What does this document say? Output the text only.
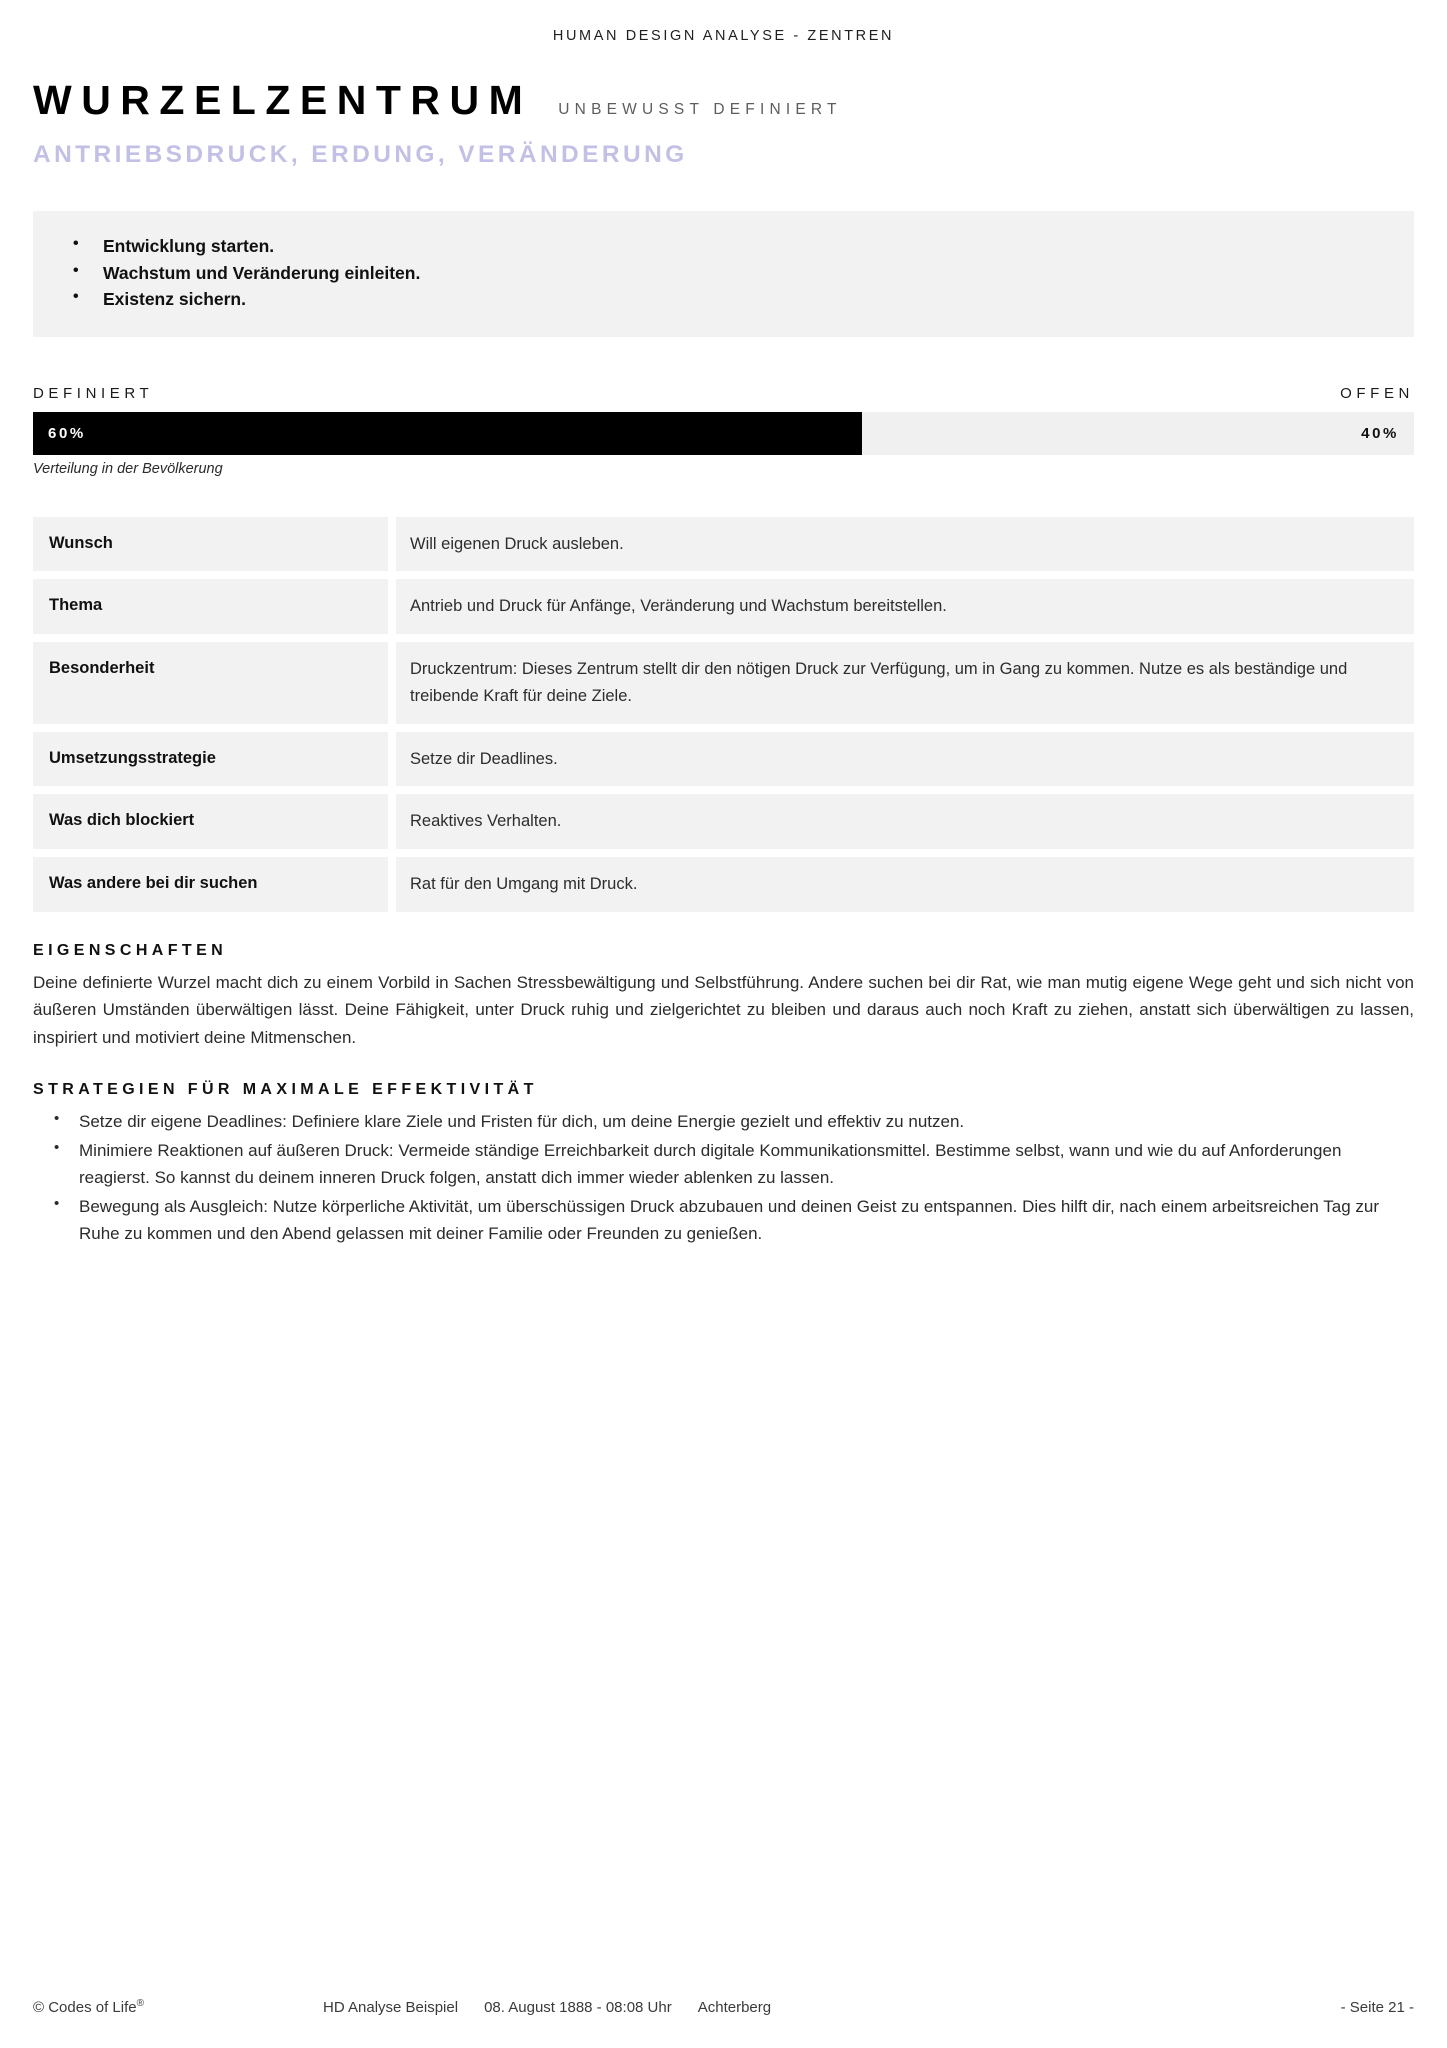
HUMAN DESIGN ANALYSE - ZENTREN
WURZELZENTRUM UNBEWUSST DEFINIERT
ANTRIEBSDRUCK, ERDUNG, VERÄNDERUNG
• Entwicklung starten.
• Wachstum und Veränderung einleiten.
• Existenz sichern.
DEFINIERT	OFFEN
60%	40%
Verteilung in der Bevölkerung
Wunsch	Will eigenen Druck ausleben.
Thema	Antrieb und Druck für Anfänge, Veränderung und Wachstum bereitstellen.
Besonderheit	Druckzentrum: Dieses Zentrum stellt dir den nötigen Druck zur Verfügung, um in Gang zu kommen. Nutze es als beständige und treibende Kraft für deine Ziele.
Umsetzungsstrategie	Setze dir Deadlines.
Was dich blockiert	Reaktives Verhalten.
Was andere bei dir suchen	Rat für den Umgang mit Druck.
EIGENSCHAFTEN
Deine definierte Wurzel macht dich zu einem Vorbild in Sachen Stressbewältigung und Selbstführung. Andere suchen bei dir Rat, wie man mutig eigene Wege geht und sich nicht von äußeren Umständen überwältigen lässt. Deine Fähigkeit, unter Druck ruhig und zielgerichtet zu bleiben und daraus auch noch Kraft zu ziehen, anstatt sich überwältigen zu lassen, inspiriert und motiviert deine Mitmenschen.
STRATEGIEN FÜR MAXIMALE EFFEKTIVITÄT
• Setze dir eigene Deadlines: Definiere klare Ziele und Fristen für dich, um deine Energie gezielt und effektiv zu nutzen.
• Minimiere Reaktionen auf äußeren Druck: Vermeide ständige Erreichbarkeit durch digitale Kommunikationsmittel. Bestimme selbst, wann und wie du auf Anforderungen reagierst. So kannst du deinem inneren Druck folgen, anstatt dich immer wieder ablenken zu lassen.
• Bewegung als Ausgleich: Nutze körperliche Aktivität, um überschüssigen Druck abzubauen und deinen Geist zu entspannen. Dies hilft dir, nach einem arbeitsreichen Tag zur Ruhe zu kommen und den Abend gelassen mit deiner Familie oder Freunden zu genießen.
© Codes of Life®	HD Analyse Beispiel 08. August 1888 - 08:08 Uhr Achterberg	- Seite 21 -
